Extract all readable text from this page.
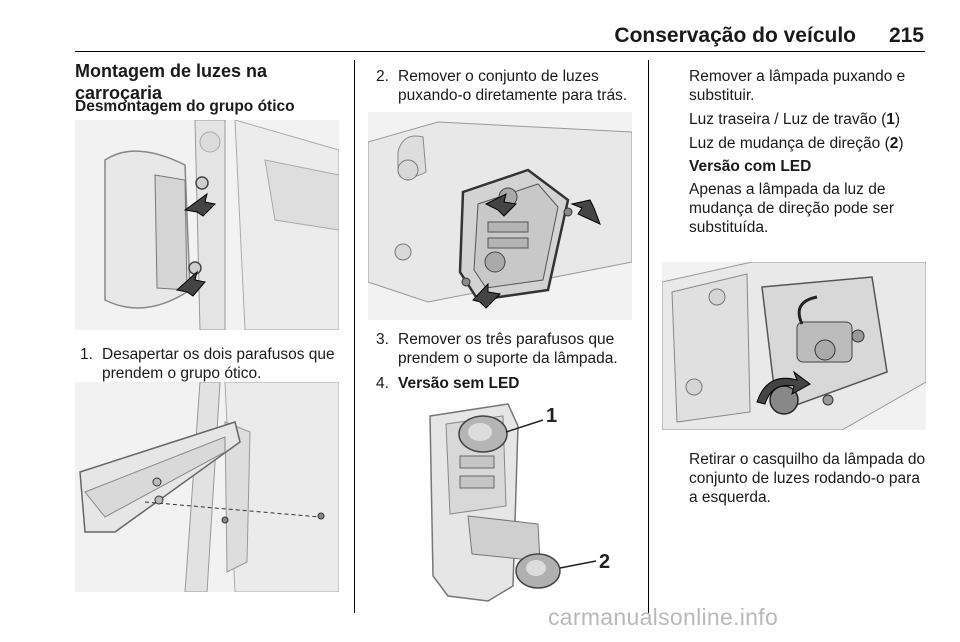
Conservação do veículo 215
Montagem de luzes na carroçaria
Desmontagem do grupo ótico
1. Desapertar os dois parafusos que prendem o grupo ótico.
2. Remover o conjunto de luzes puxando-o diretamente para trás.
3. Remover os três parafusos que prendem o suporte da lâmpada.
4. Versão sem LED
1
2
Remover a lâmpada puxando e substituir.
Luz traseira / Luz de travão (1)
Luz de mudança de direção (2)
Versão com LED
Apenas a lâmpada da luz de mudança de direção pode ser substituída.
Retirar o casquilho da lâmpada do conjunto de luzes rodando-o para a esquerda.
carmanualsonline.info
